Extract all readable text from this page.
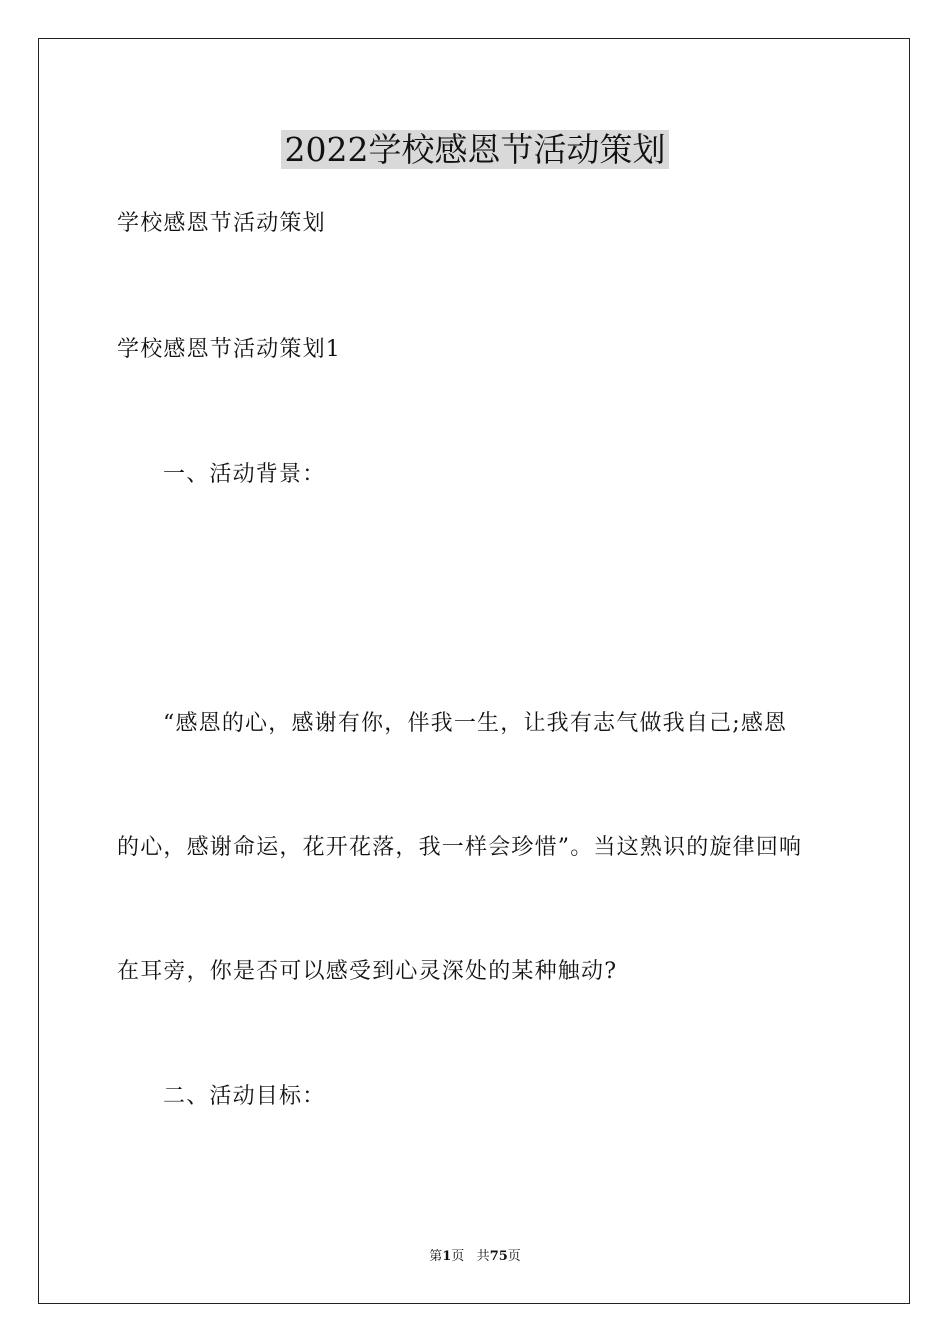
2022学校感恩节活动策划
学校感恩节活动策划
学校感恩节活动策划1
一、活动背景：
“感恩的心，感谢有你，伴我一生，让我有志气做我自己;感恩
的心，感谢命运，花开花落，我一样会珍惜”。当这熟识的旋律回响
在耳旁，你是否可以感受到心灵深处的某种触动?
二、活动目标：
第1页 共75页
